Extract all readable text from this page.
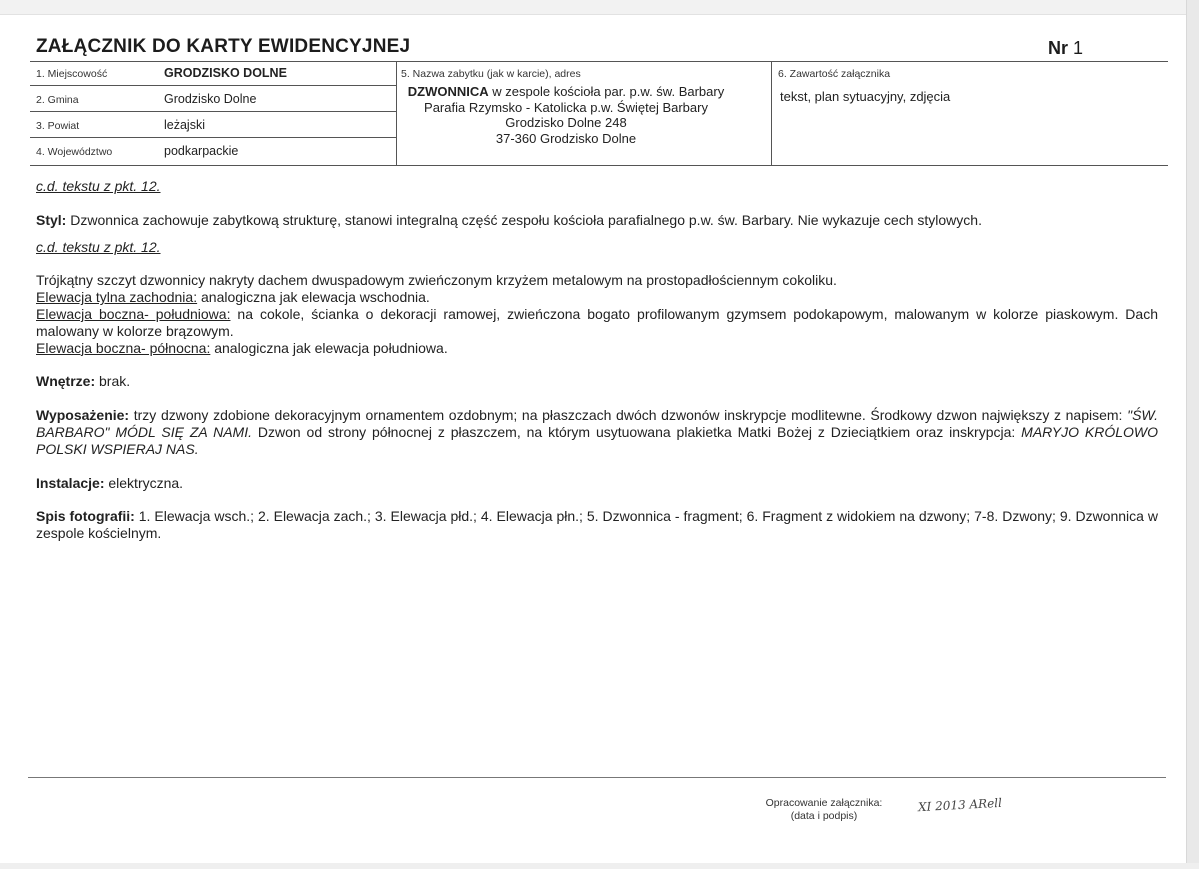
ZAŁĄCZNIK DO KARTY EWIDENCYJNEJ	Nr 1
1. Miejscowość	GRODZISKO DOLNE
2. Gmina	Grodzisko Dolne
3. Powiat	leżajski
4. Województwo	podkarpackie
5. Nazwa zabytku (jak w karcie), adres
DZWONNICA w zespole kościoła par. p.w. św. Barbary
Parafia Rzymsko - Katolicka p.w. Świętej Barbary
Grodzisko Dolne 248
37-360 Grodzisko Dolne
6. Zawartość załącznika
tekst, plan sytuacyjny, zdjęcia

c.d. tekstu z pkt. 12.

Styl: Dzwonnica zachowuje zabytkową strukturę, stanowi integralną część zespołu kościoła parafialnego p.w. św. Barbary. Nie wykazuje cech stylowych.

c.d. tekstu z pkt. 12.

Trójkątny szczyt dzwonnicy nakryty dachem dwuspadowym zwieńczonym krzyżem metalowym na prostopadłościennym cokoliku.

Elewacja tylna zachodnia: analogiczna jak elewacja wschodnia.

Elewacja boczna- południowa: na cokole, ścianka o dekoracji ramowej, zwieńczona bogato profilowanym gzymsem podokapowym, malowanym w kolorze piaskowym. Dach malowany w kolorze brązowym.

Elewacja boczna- północna: analogiczna jak elewacja południowa.

Wnętrze: brak.

Wyposażenie: trzy dzwony zdobione dekoracyjnym ornamentem ozdobnym; na płaszczach dwóch dzwonów inskrypcje modlitewne. Środkowy dzwon największy z napisem: "ŚW. BARBARO" MÓDL SIĘ ZA NAMI. Dzwon od strony północnej z płaszczem, na którym usytuowana plakietka Matki Bożej z Dzieciątkiem oraz inskrypcja: MARYJO KRÓLOWO POLSKI WSPIERAJ NAS.

Instalacje: elektryczna.

Spis fotografii: 1. Elewacja wsch.; 2. Elewacja zach.; 3. Elewacja płd.; 4. Elewacja płn.; 5. Dzwonnica - fragment; 6. Fragment z widokiem na dzwony; 7-8. Dzwony; 9. Dzwonnica w zespole kościelnym.

Opracowanie załącznika:
(data i podpis)
XI 2013 ARell
